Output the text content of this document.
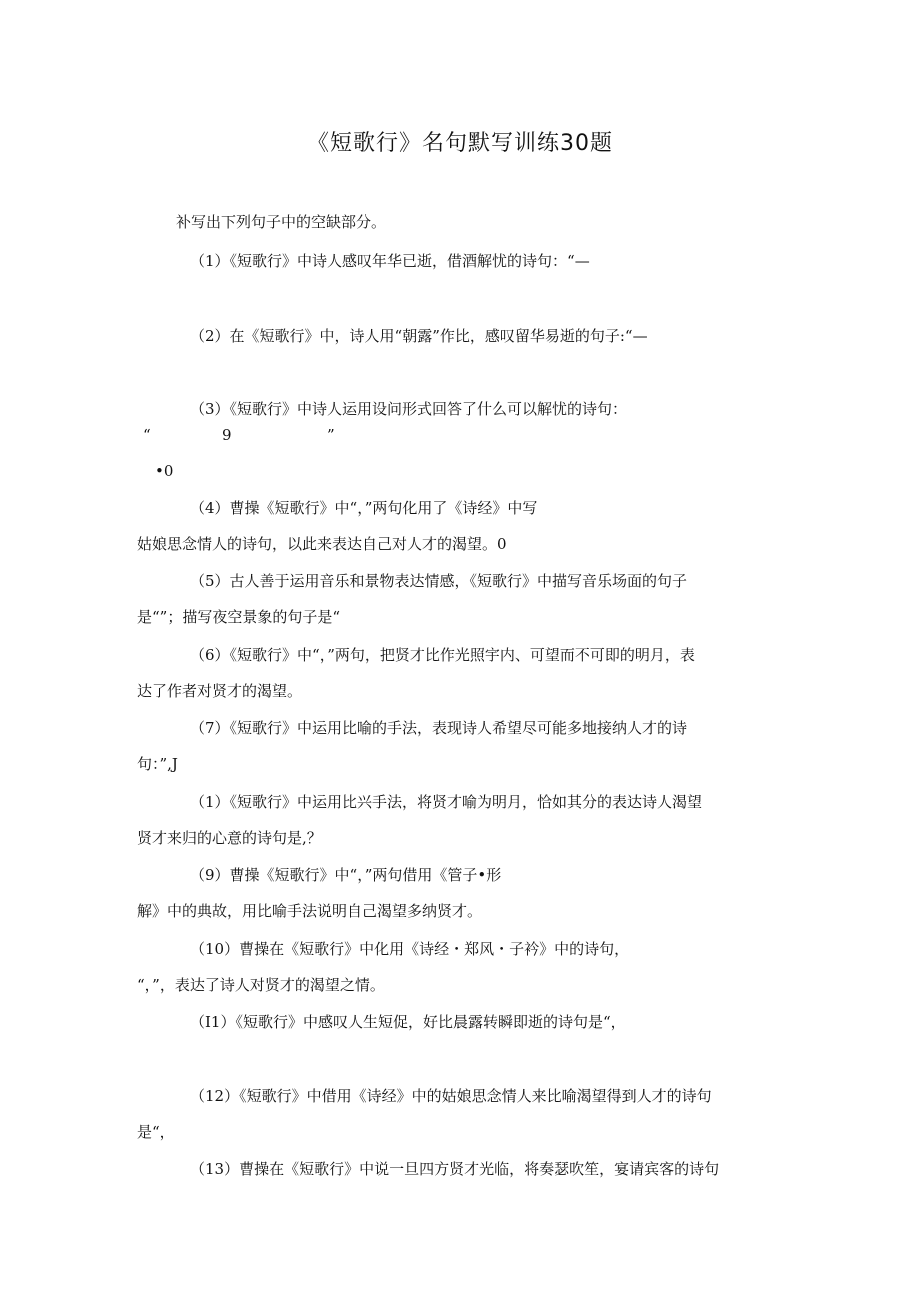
《短歌行》名句默写训练30题
补写出下列句子中的空缺部分。
（1）《短歌行》中诗人感叹年华已逝，借酒解忧的诗句：“—
（2）在《短歌行》中，诗人用“朝露”作比，感叹留华易逝的句子:“—
（3）《短歌行》中诗人运用设问形式回答了什么可以解忧的诗句：
“	9	”
•0
（4）曹操《短歌行》中“，”两句化用了《诗经》中写
姑娘思念情人的诗句，以此来表达自己对人才的渴望。0
（5）古人善于运用音乐和景物表达情感，《短歌行》中描写音乐场面的句子
是“”；描写夜空景象的句子是“
（6）《短歌行》中“，”两句，把贤才比作光照宇内、可望而不可即的明月，表
达了作者对贤才的渴望。
（7）《短歌行》中运用比喻的手法，表现诗人希望尽可能多地接纳人才的诗
句：”,J
（1）《短歌行》中运用比兴手法，将贤才喻为明月，恰如其分的表达诗人渴望
贤才来归的心意的诗句是,？
（9）曹操《短歌行》中“，”两句借用《管子•形
解》中的典故，用比喻手法说明自己渴望多纳贤才。
（10）曹操在《短歌行》中化用《诗经・郑风・子衿》中的诗句，
“，”，表达了诗人对贤才的渴望之情。
（I1）《短歌行》中感叹人生短促，好比晨露转瞬即逝的诗句是“，
（12）《短歌行》中借用《诗经》中的姑娘思念情人来比喻渴望得到人才的诗句
是“，
（13）曹操在《短歌行》中说一旦四方贤才光临，将奏瑟吹笙，宴请宾客的诗句
